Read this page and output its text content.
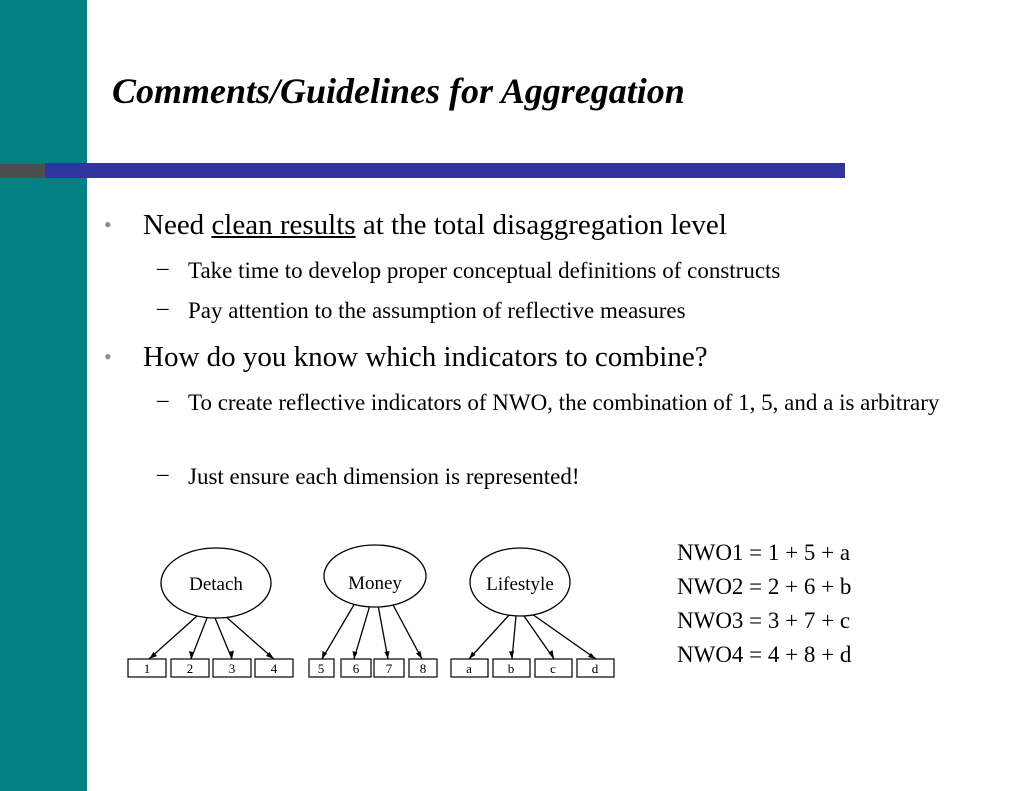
Comments/Guidelines for Aggregation
• Need clean results at the total disaggregation level
– Take time to develop proper conceptual definitions of constructs
– Pay attention to the assumption of reflective measures
• How do you know which indicators to combine?
– To create reflective indicators of NWO, the combination of 1, 5, and a is arbitrary
– Just ensure each dimension is represented!
Detach	Money	Lifestyle
1	2	3	4	5 6 7 8	a	b	c	d
NWO1 = 1 + 5 + a
NWO2 = 2 + 6 + b
NWO3 = 3 + 7 + c
NWO4 = 4 + 8 + d
